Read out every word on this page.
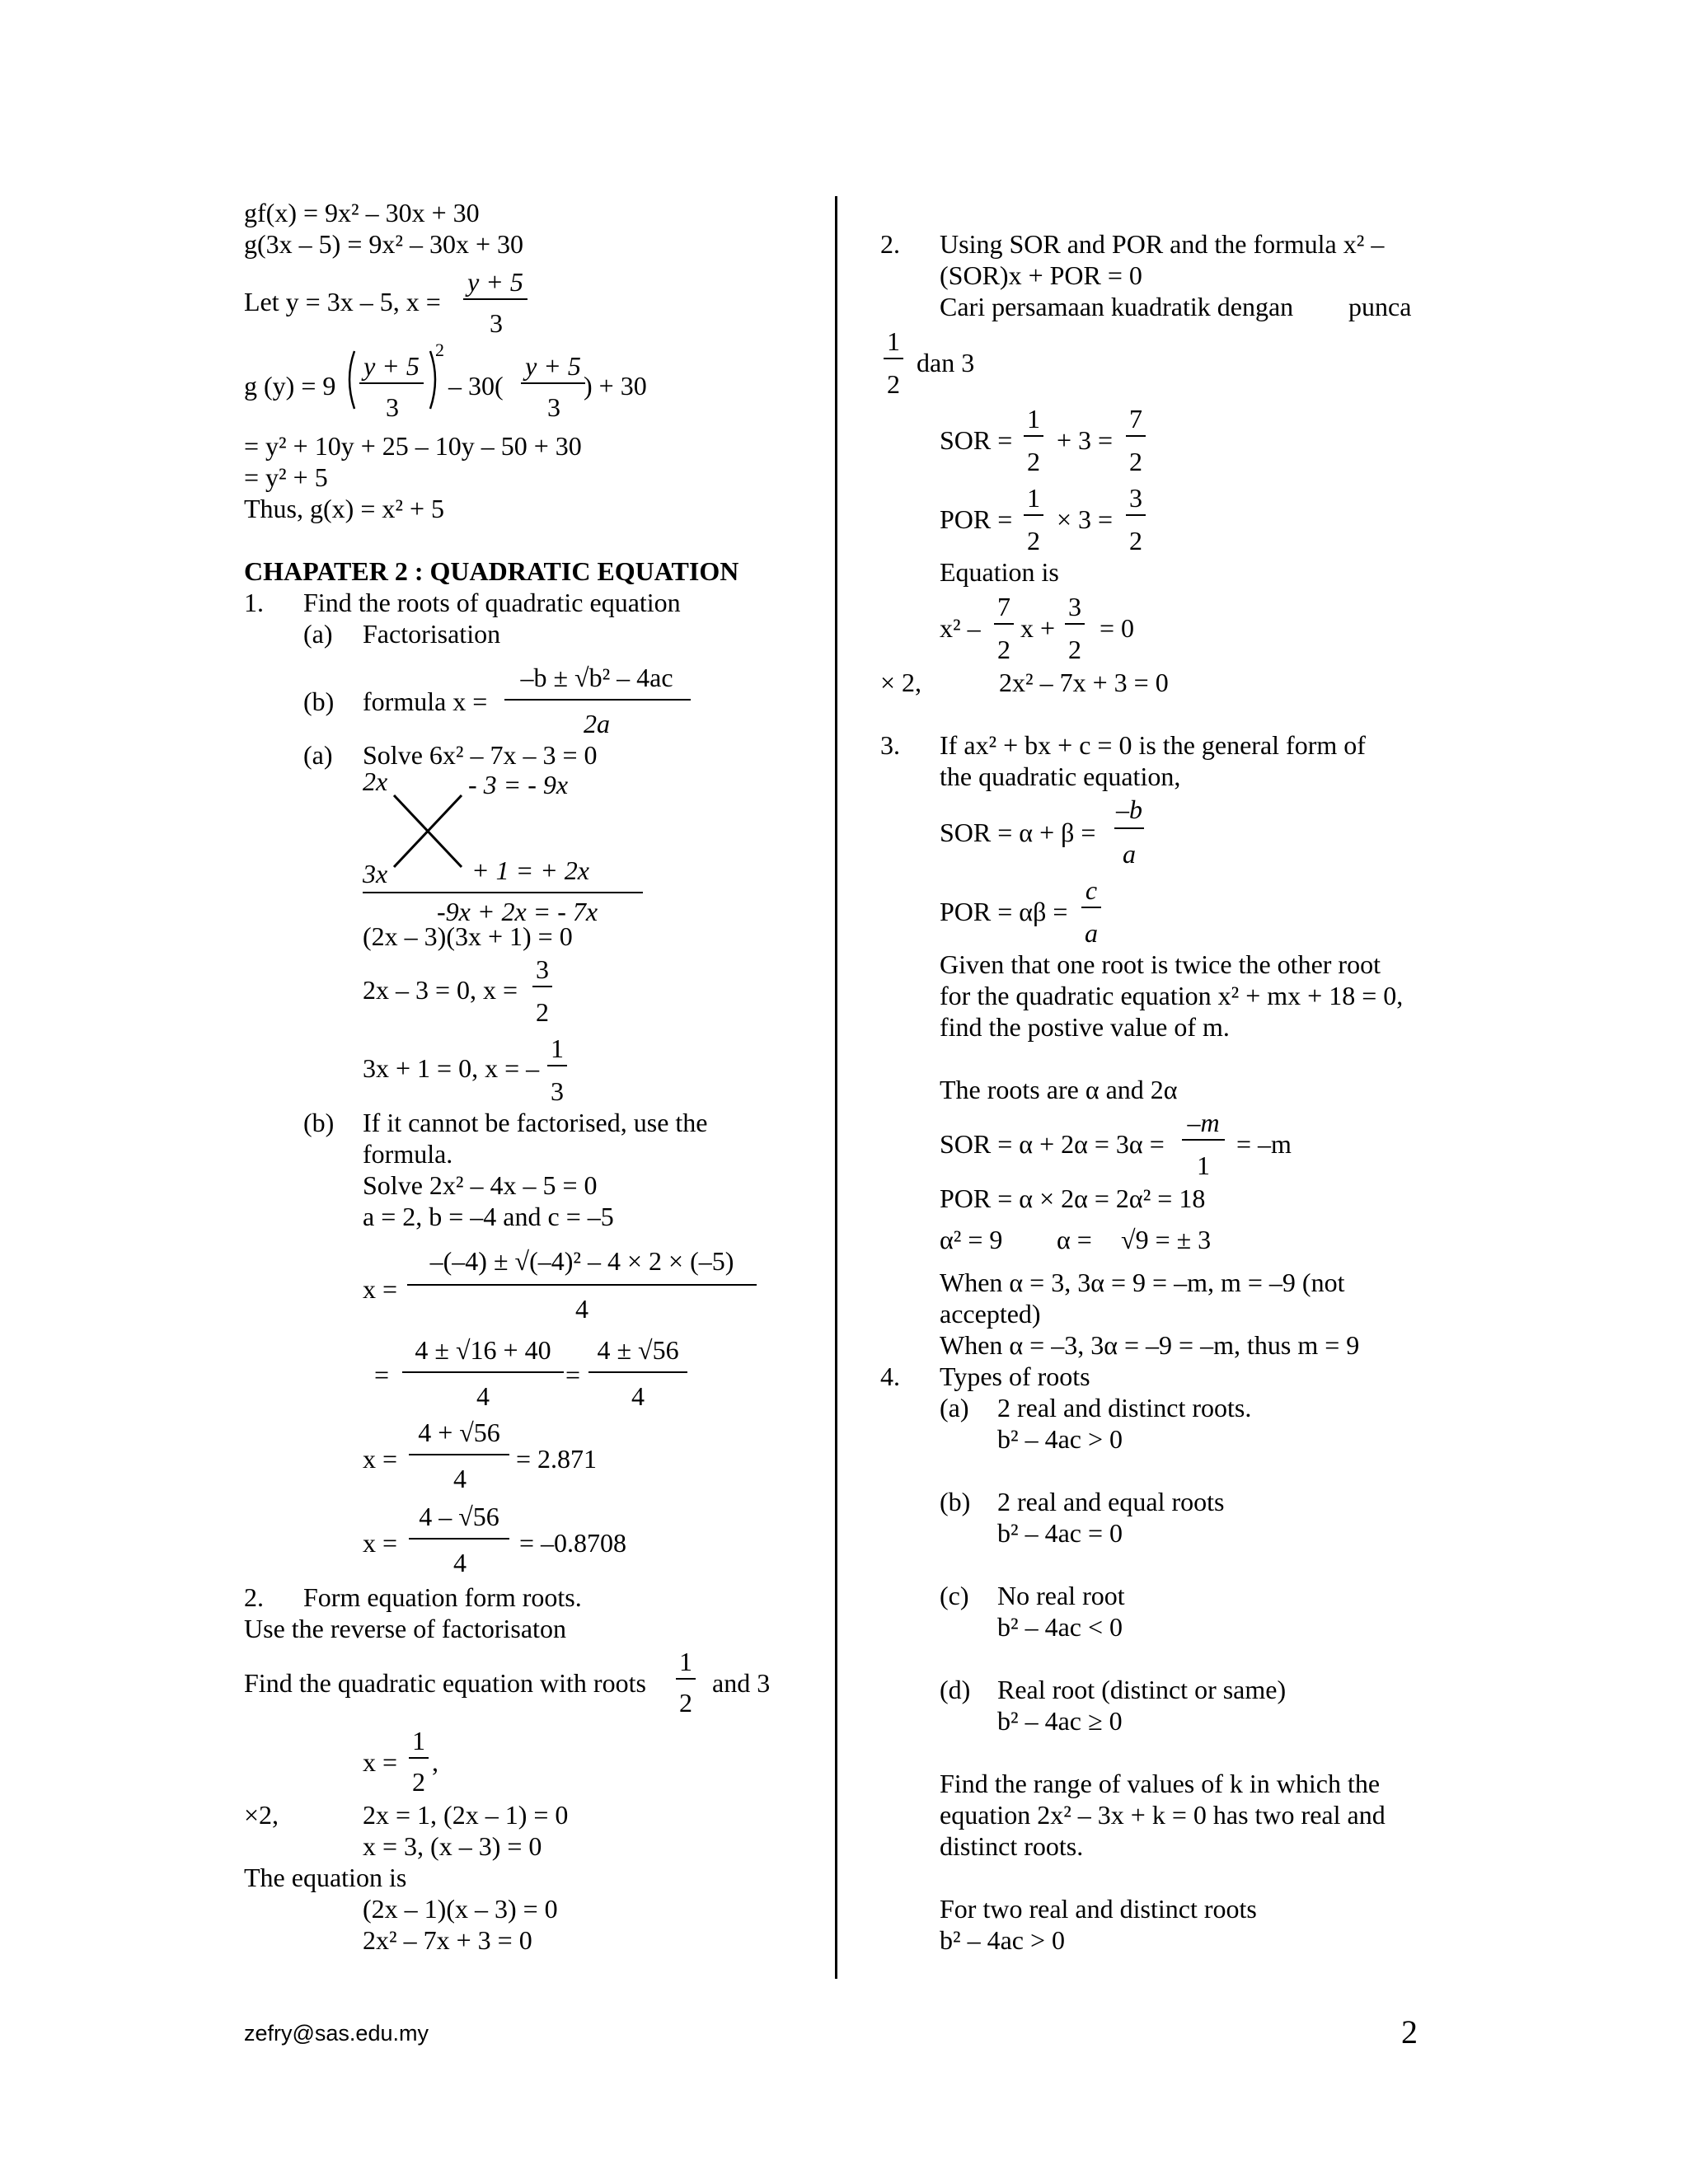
gf(x) = 9x² – 30x + 30
g(3x – 5) = 9x² – 30x + 30
Let y = 3x – 5, x =
y + 5
3
g (y) = 9
2
y + 5
3
– 30(
y + 5
3
) + 30
= y² + 10y + 25 – 10y – 50 + 30
= y² + 5
Thus, g(x) = x² + 5
CHAPATER 2 : QUADRATIC EQUATION
1. Find the roots of quadratic equation
(a) Factorisation
(b) formula x =
–b ± √b² – 4ac
2a
(a) Solve 6x² – 7x – 3 = 0
2x	- 3 = - 9x
3x	+ 1 = + 2x
-9x + 2x = - 7x
(2x – 3)(3x + 1) = 0
2x – 3 = 0, x =
3
2
3x + 1 = 0, x = –
1
3
(b) If it cannot be factorised, use the
formula.
Solve 2x² – 4x – 5 = 0
a = 2, b = –4 and c = –5
x =
–(–4) ± √(–4)² – 4 × 2 × (–5)
4
=
4 ± √16 + 40
4
=
4 ± √56
4
x =
4 + √56
4
= 2.871
x =
4 – √56
4
= –0.8708
2. Form equation form roots.
Use the reverse of factorisaton
Find the quadratic equation with roots
1
2
and 3
x =
1
2
,
×2,	2x = 1, (2x – 1) = 0
x = 3, (x – 3) = 0
The equation is
(2x – 1)(x – 3) = 0
2x² – 7x + 3 = 0
2. Using SOR and POR and the formula x² –
(SOR)x + POR = 0
Cari persamaan kuadratik dengan punca
1
2
dan 3
SOR =
1
2
+ 3 =
7
2
POR =
1
2
× 3 =
3
2
Equation is
x² –
7
2
x +
3
2
= 0
× 2,	2x² – 7x + 3 = 0
3. If ax² + bx + c = 0 is the general form of
the quadratic equation,
SOR = α + β =
–b
a
POR = αβ =
c
a
Given that one root is twice the other root
for the quadratic equation x² + mx + 18 = 0,
find the postive value of m.
The roots are α and 2α
SOR = α + 2α = 3α =
–m
1
= –m
POR = α × 2α = 2α² = 18
α² = 9 α = √9 = ± 3
When α = 3, 3α = 9 = –m, m = –9 (not
accepted)
When α = –3, 3α = –9 = –m, thus m = 9
4. Types of roots
(a) 2 real and distinct roots.
b² – 4ac > 0
(b) 2 real and equal roots
b² – 4ac = 0
(c) No real root
b² – 4ac < 0
(d) Real root (distinct or same)
b² – 4ac ≥ 0
Find the range of values of k in which the
equation 2x² – 3x + k = 0 has two real and
distinct roots.
For two real and distinct roots
b² – 4ac > 0
zefry@sas.edu.my	2
